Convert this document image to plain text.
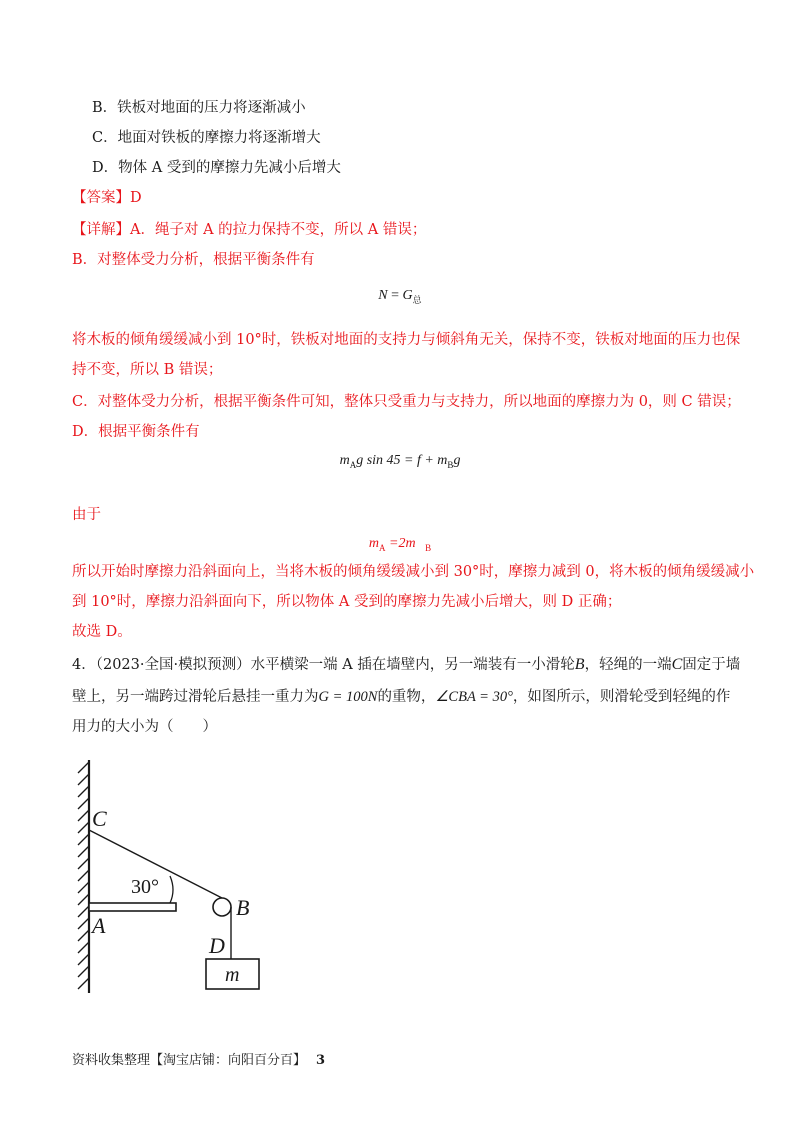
B．铁板对地面的压力将逐渐减小
C．地面对铁板的摩擦力将逐渐增大
D．物体 A 受到的摩擦力先减小后增大
【答案】D
【详解】A．绳子对 A 的拉力保持不变，所以 A 错误；
B．对整体受力分析，根据平衡条件有
$N = G_总$
将木板的倾角缓缓减小到 10°时，铁板对地面的支持力与倾斜角无关，保持不变，铁板对地面的压力也保
持不变，所以 B 错误；
C．对整体受力分析，根据平衡条件可知，整体只受重力与支持力，所以地面的摩擦力为 0，则 C 错误；
D．根据平衡条件有
$m_Ag$ $\sin 45 = f + m_Bg$
由于
$m_A =2m$ $_B$
所以开始时摩擦力沿斜面向上，当将木板的倾角缓缓减小到 30°时，摩擦力减到 0，将木板的倾角缓缓减小
到 10°时，摩擦力沿斜面向下，所以物体 A 受到的摩擦力先减小后增大，则 D 正确；
故选 D。
4．（2023·全国·模拟预测）水平横梁一端 A 插在墙壁内，另一端装有一小滑轮B，轻绳的一端C固定于墙
壁上，另一端跨过滑轮后悬挂一重力为G = 100N的重物，∠CBA = 30°，如图所示，则滑轮受到轻绳的作
用力的大小为（　　）
C
A
B
D
m
30°
资料收集整理【淘宝店铺：向阳百分百】 3
